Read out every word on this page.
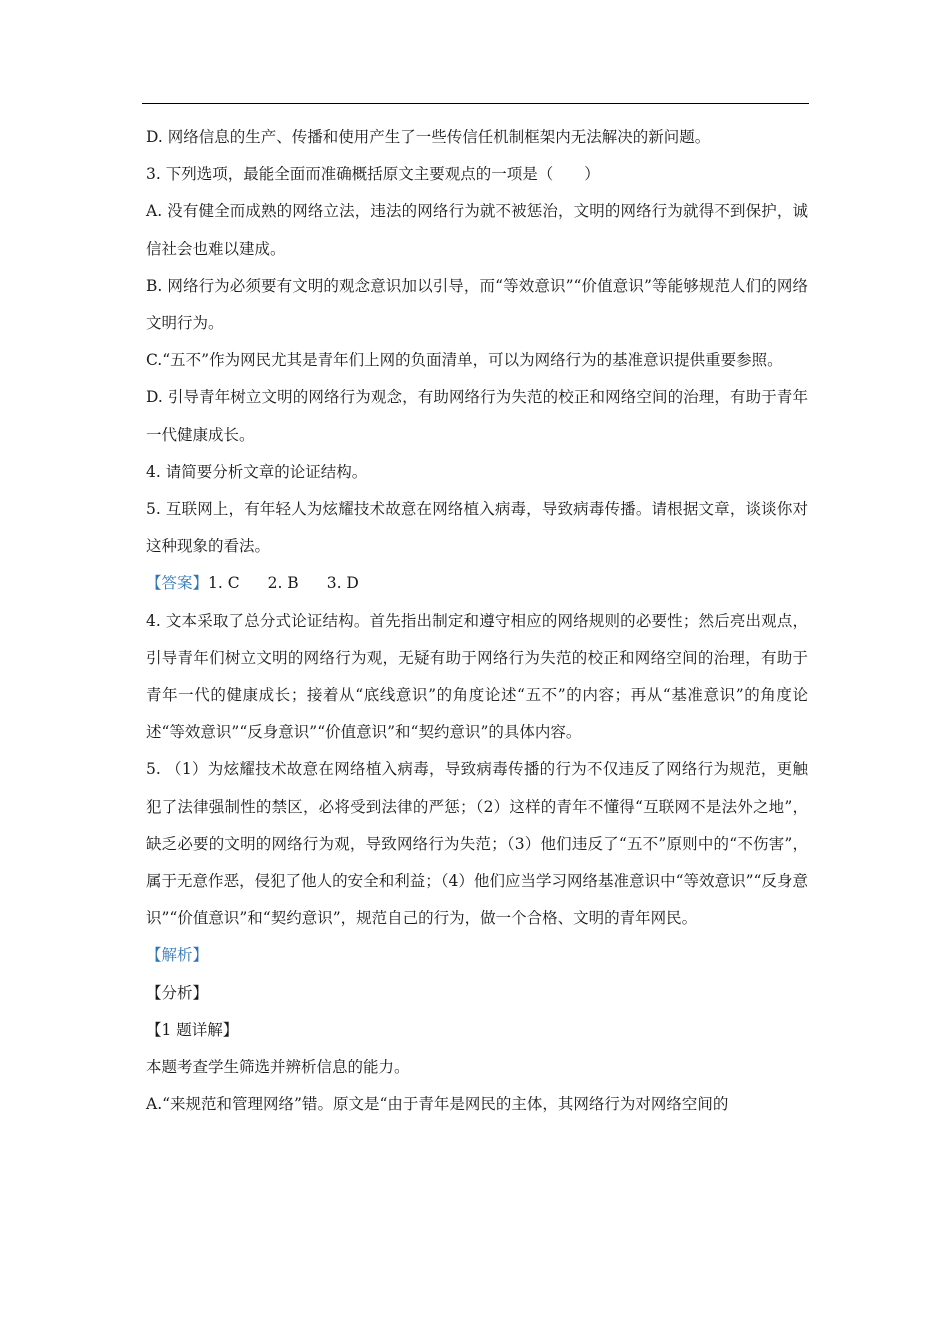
D. 网络信息的生产、传播和使用产生了一些传信任机制框架内无法解决的新问题。

3. 下列选项，最能全面而准确概括原文主要观点的一项是（　　）

A. 没有健全而成熟的网络立法，违法的网络行为就不被惩治，文明的网络行为就得不到保护，诚信社会也难以建成。

B. 网络行为必须要有文明的观念意识加以引导，而“等效意识”“价值意识”等能够规范人们的网络文明行为。

C.“五不”作为网民尤其是青年们上网的负面清单，可以为网络行为的基准意识提供重要参照。

D. 引导青年树立文明的网络行为观念，有助网络行为失范的校正和网络空间的治理，有助于青年一代健康成长。

4. 请简要分析文章的论证结构。

5. 互联网上，有年轻人为炫耀技术故意在网络植入病毒，导致病毒传播。请根据文章，谈谈你对这种现象的看法。

【答案】1. C 2. B 3. D

4. 文本采取了总分式论证结构。首先指出制定和遵守相应的网络规则的必要性；然后亮出观点，引导青年们树立文明的网络行为观，无疑有助于网络行为失范的校正和网络空间的治理，有助于青年一代的健康成长；接着从“底线意识”的角度论述“五不”的内容；再从“基准意识”的角度论述“等效意识”“反身意识”“价值意识”和“契约意识”的具体内容。

5. （1）为炫耀技术故意在网络植入病毒，导致病毒传播的行为不仅违反了网络行为规范，更触犯了法律强制性的禁区，必将受到法律的严惩；（2）这样的青年不懂得“互联网不是法外之地”，缺乏必要的文明的网络行为观，导致网络行为失范；（3）他们违反了“五不”原则中的“不伤害”，属于无意作恶，侵犯了他人的安全和利益；（4）他们应当学习网络基准意识中“等效意识”“反身意识”“价值意识”和“契约意识”，规范自己的行为，做一个合格、文明的青年网民。

【解析】

【分析】

【1 题详解】

本题考查学生筛选并辨析信息的能力。

A.“来规范和管理网络”错。原文是“由于青年是网民的主体，其网络行为对网络空间的
